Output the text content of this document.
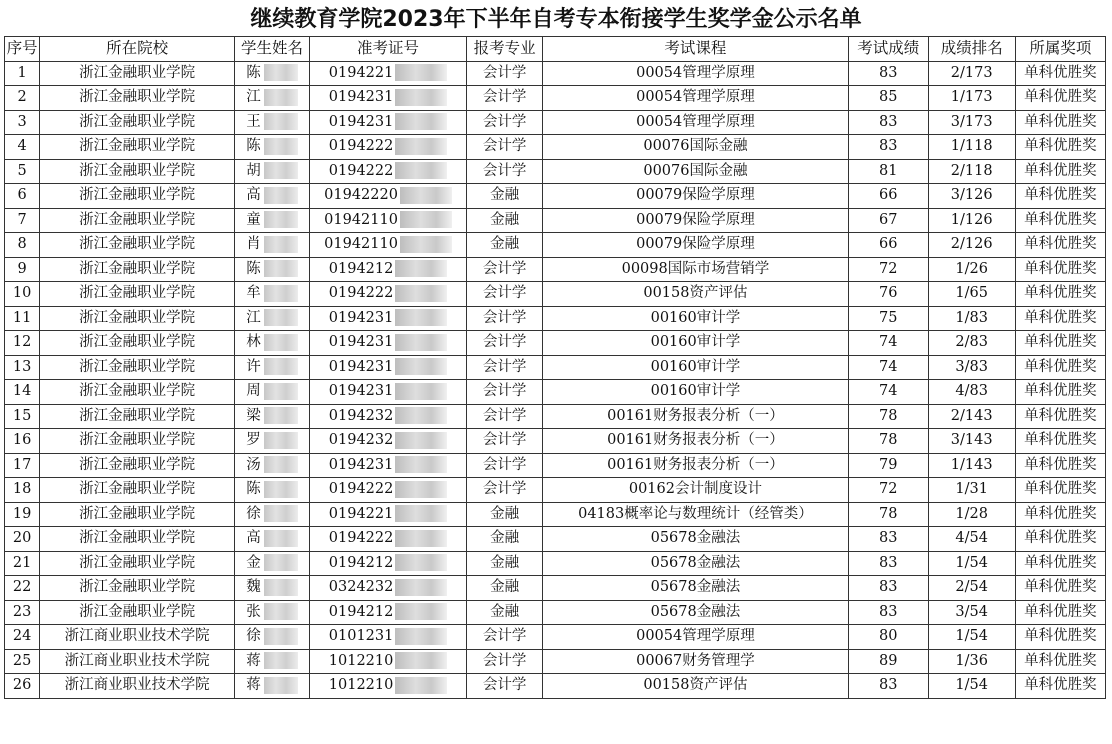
继续教育学院2023年下半年自考专本衔接学生奖学金公示名单
序号	所在院校	学生姓名	准考证号	报考专业	考试课程	考试成绩	成绩排名	所属奖项
1	浙江金融职业学院	陈	0194221	会计学	00054管理学原理	83	2/173	单科优胜奖
2	浙江金融职业学院	江	0194231	会计学	00054管理学原理	85	1/173	单科优胜奖
3	浙江金融职业学院	王	0194231	会计学	00054管理学原理	83	3/173	单科优胜奖
4	浙江金融职业学院	陈	0194222	会计学	00076国际金融	83	1/118	单科优胜奖
5	浙江金融职业学院	胡	0194222	会计学	00076国际金融	81	2/118	单科优胜奖
6	浙江金融职业学院	高	01942220	金融	00079保险学原理	66	3/126	单科优胜奖
7	浙江金融职业学院	童	01942110	金融	00079保险学原理	67	1/126	单科优胜奖
8	浙江金融职业学院	肖	01942110	金融	00079保险学原理	66	2/126	单科优胜奖
9	浙江金融职业学院	陈	0194212	会计学	00098国际市场营销学	72	1/26	单科优胜奖
10	浙江金融职业学院	牟	0194222	会计学	00158资产评估	76	1/65	单科优胜奖
11	浙江金融职业学院	江	0194231	会计学	00160审计学	75	1/83	单科优胜奖
12	浙江金融职业学院	林	0194231	会计学	00160审计学	74	2/83	单科优胜奖
13	浙江金融职业学院	许	0194231	会计学	00160审计学	74	3/83	单科优胜奖
14	浙江金融职业学院	周	0194231	会计学	00160审计学	74	4/83	单科优胜奖
15	浙江金融职业学院	梁	0194232	会计学	00161财务报表分析（一）	78	2/143	单科优胜奖
16	浙江金融职业学院	罗	0194232	会计学	00161财务报表分析（一）	78	3/143	单科优胜奖
17	浙江金融职业学院	汤	0194231	会计学	00161财务报表分析（一）	79	1/143	单科优胜奖
18	浙江金融职业学院	陈	0194222	会计学	00162会计制度设计	72	1/31	单科优胜奖
19	浙江金融职业学院	徐	0194221	金融	04183概率论与数理统计（经管类）	78	1/28	单科优胜奖
20	浙江金融职业学院	高	0194222	金融	05678金融法	83	4/54	单科优胜奖
21	浙江金融职业学院	金	0194212	金融	05678金融法	83	1/54	单科优胜奖
22	浙江金融职业学院	魏	0324232	金融	05678金融法	83	2/54	单科优胜奖
23	浙江金融职业学院	张	0194212	金融	05678金融法	83	3/54	单科优胜奖
24	浙江商业职业技术学院	徐	0101231	会计学	00054管理学原理	80	1/54	单科优胜奖
25	浙江商业职业技术学院	蒋	1012210	会计学	00067财务管理学	89	1/36	单科优胜奖
26	浙江商业职业技术学院	蒋	1012210	会计学	00158资产评估	83	1/54	单科优胜奖
